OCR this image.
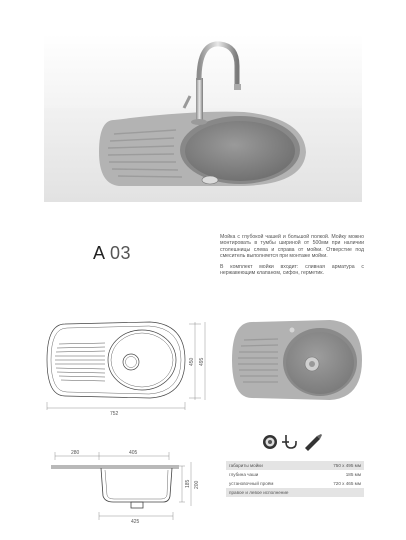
A 03

Мойка с глубокой чашей и большой полкой. Мойку можно монтировать в тумбы шириной от 500мм при наличии столешницы слева и справа от мойки. Отверстие под смеситель выполняется при монтаже мойки.

В комплект мойки входит: сливная арматура с нержавеющим клапаном, сифон, герметик.

752
450 495
280	405
425
185 200
габариты мойки	750 x 495 мм
глубина чаши	185 мм
установочный проём	720 x 465 мм
правое и левое исполнение	
